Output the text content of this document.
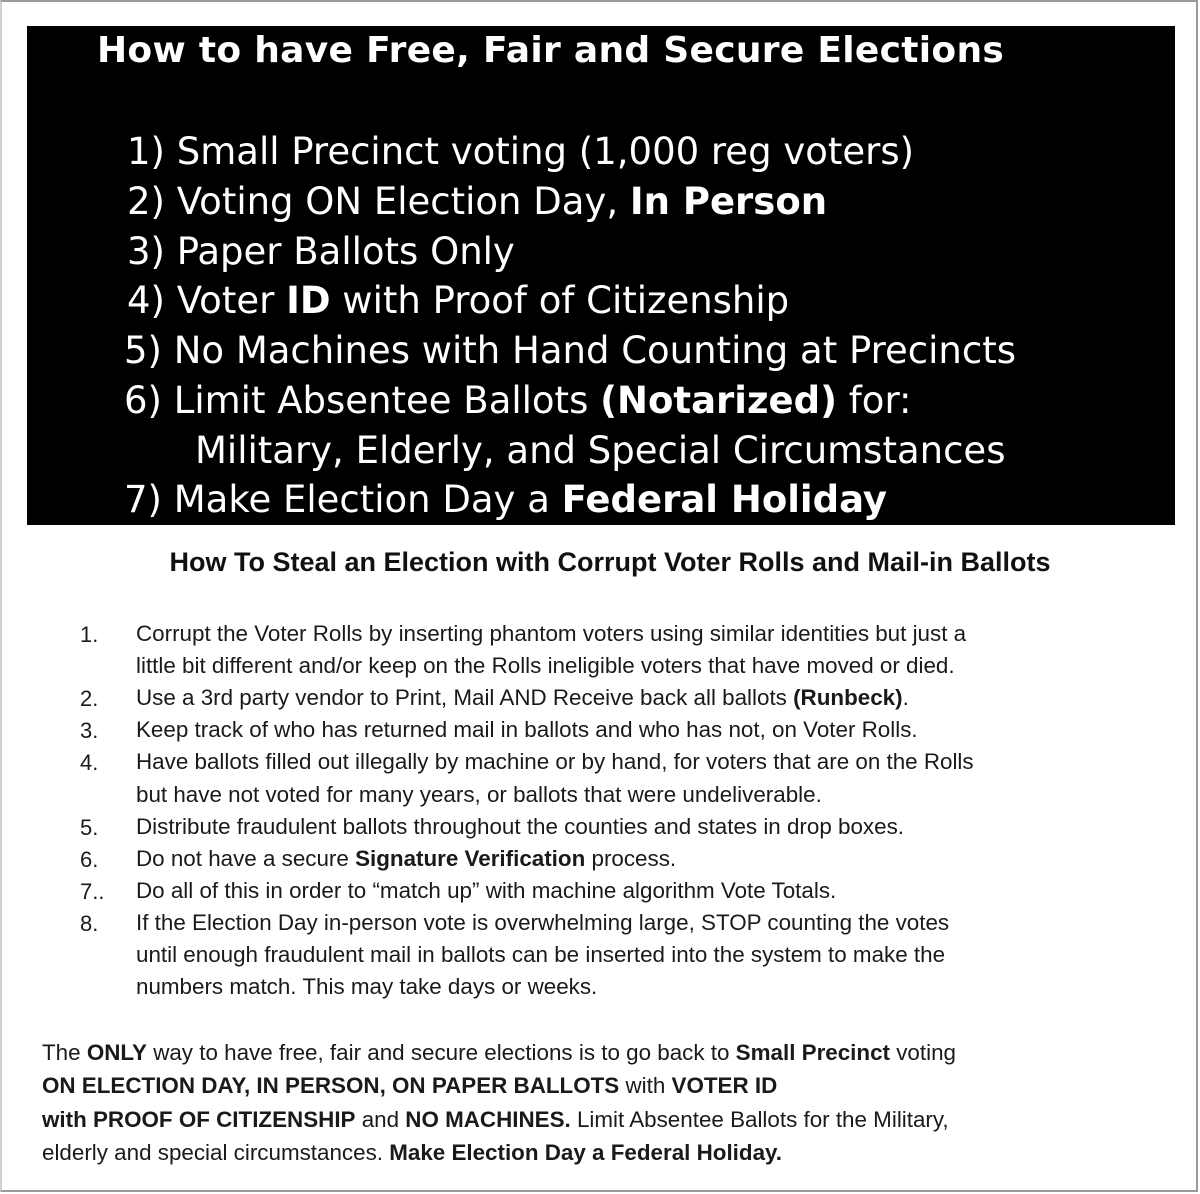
How to have Free, Fair and Secure Elections
1) Small Precinct voting (1,000 reg voters)
2) Voting ON Election Day, In Person
3) Paper Ballots Only
4) Voter ID with Proof of Citizenship
5) No Machines with Hand Counting at Precincts
6) Limit Absentee Ballots (Notarized) for:
Military, Elderly, and Special Circumstances
7) Make Election Day a Federal Holiday
How To Steal an Election with Corrupt Voter Rolls and Mail-in Ballots
1. Corrupt the Voter Rolls by inserting phantom voters using similar identities but just a
little bit different and/or keep on the Rolls ineligible voters that have moved or died.
2. Use a 3rd party vendor to Print, Mail AND Receive back all ballots (Runbeck).
3. Keep track of who has returned mail in ballots and who has not, on Voter Rolls.
4. Have ballots filled out illegally by machine or by hand, for voters that are on the Rolls
but have not voted for many years, or ballots that were undeliverable.
5. Distribute fraudulent ballots throughout the counties and states in drop boxes.
6. Do not have a secure Signature Verification process.
7.. Do all of this in order to “match up” with machine algorithm Vote Totals.
8. If the Election Day in-person vote is overwhelming large, STOP counting the votes
until enough fraudulent mail in ballots can be inserted into the system to make the
numbers match. This may take days or weeks.
The ONLY way to have free, fair and secure elections is to go back to Small Precinct voting
ON ELECTION DAY, IN PERSON, ON PAPER BALLOTS with VOTER ID
with PROOF OF CITIZENSHIP and NO MACHINES. Limit Absentee Ballots for the Military,
elderly and special circumstances. Make Election Day a Federal Holiday.
